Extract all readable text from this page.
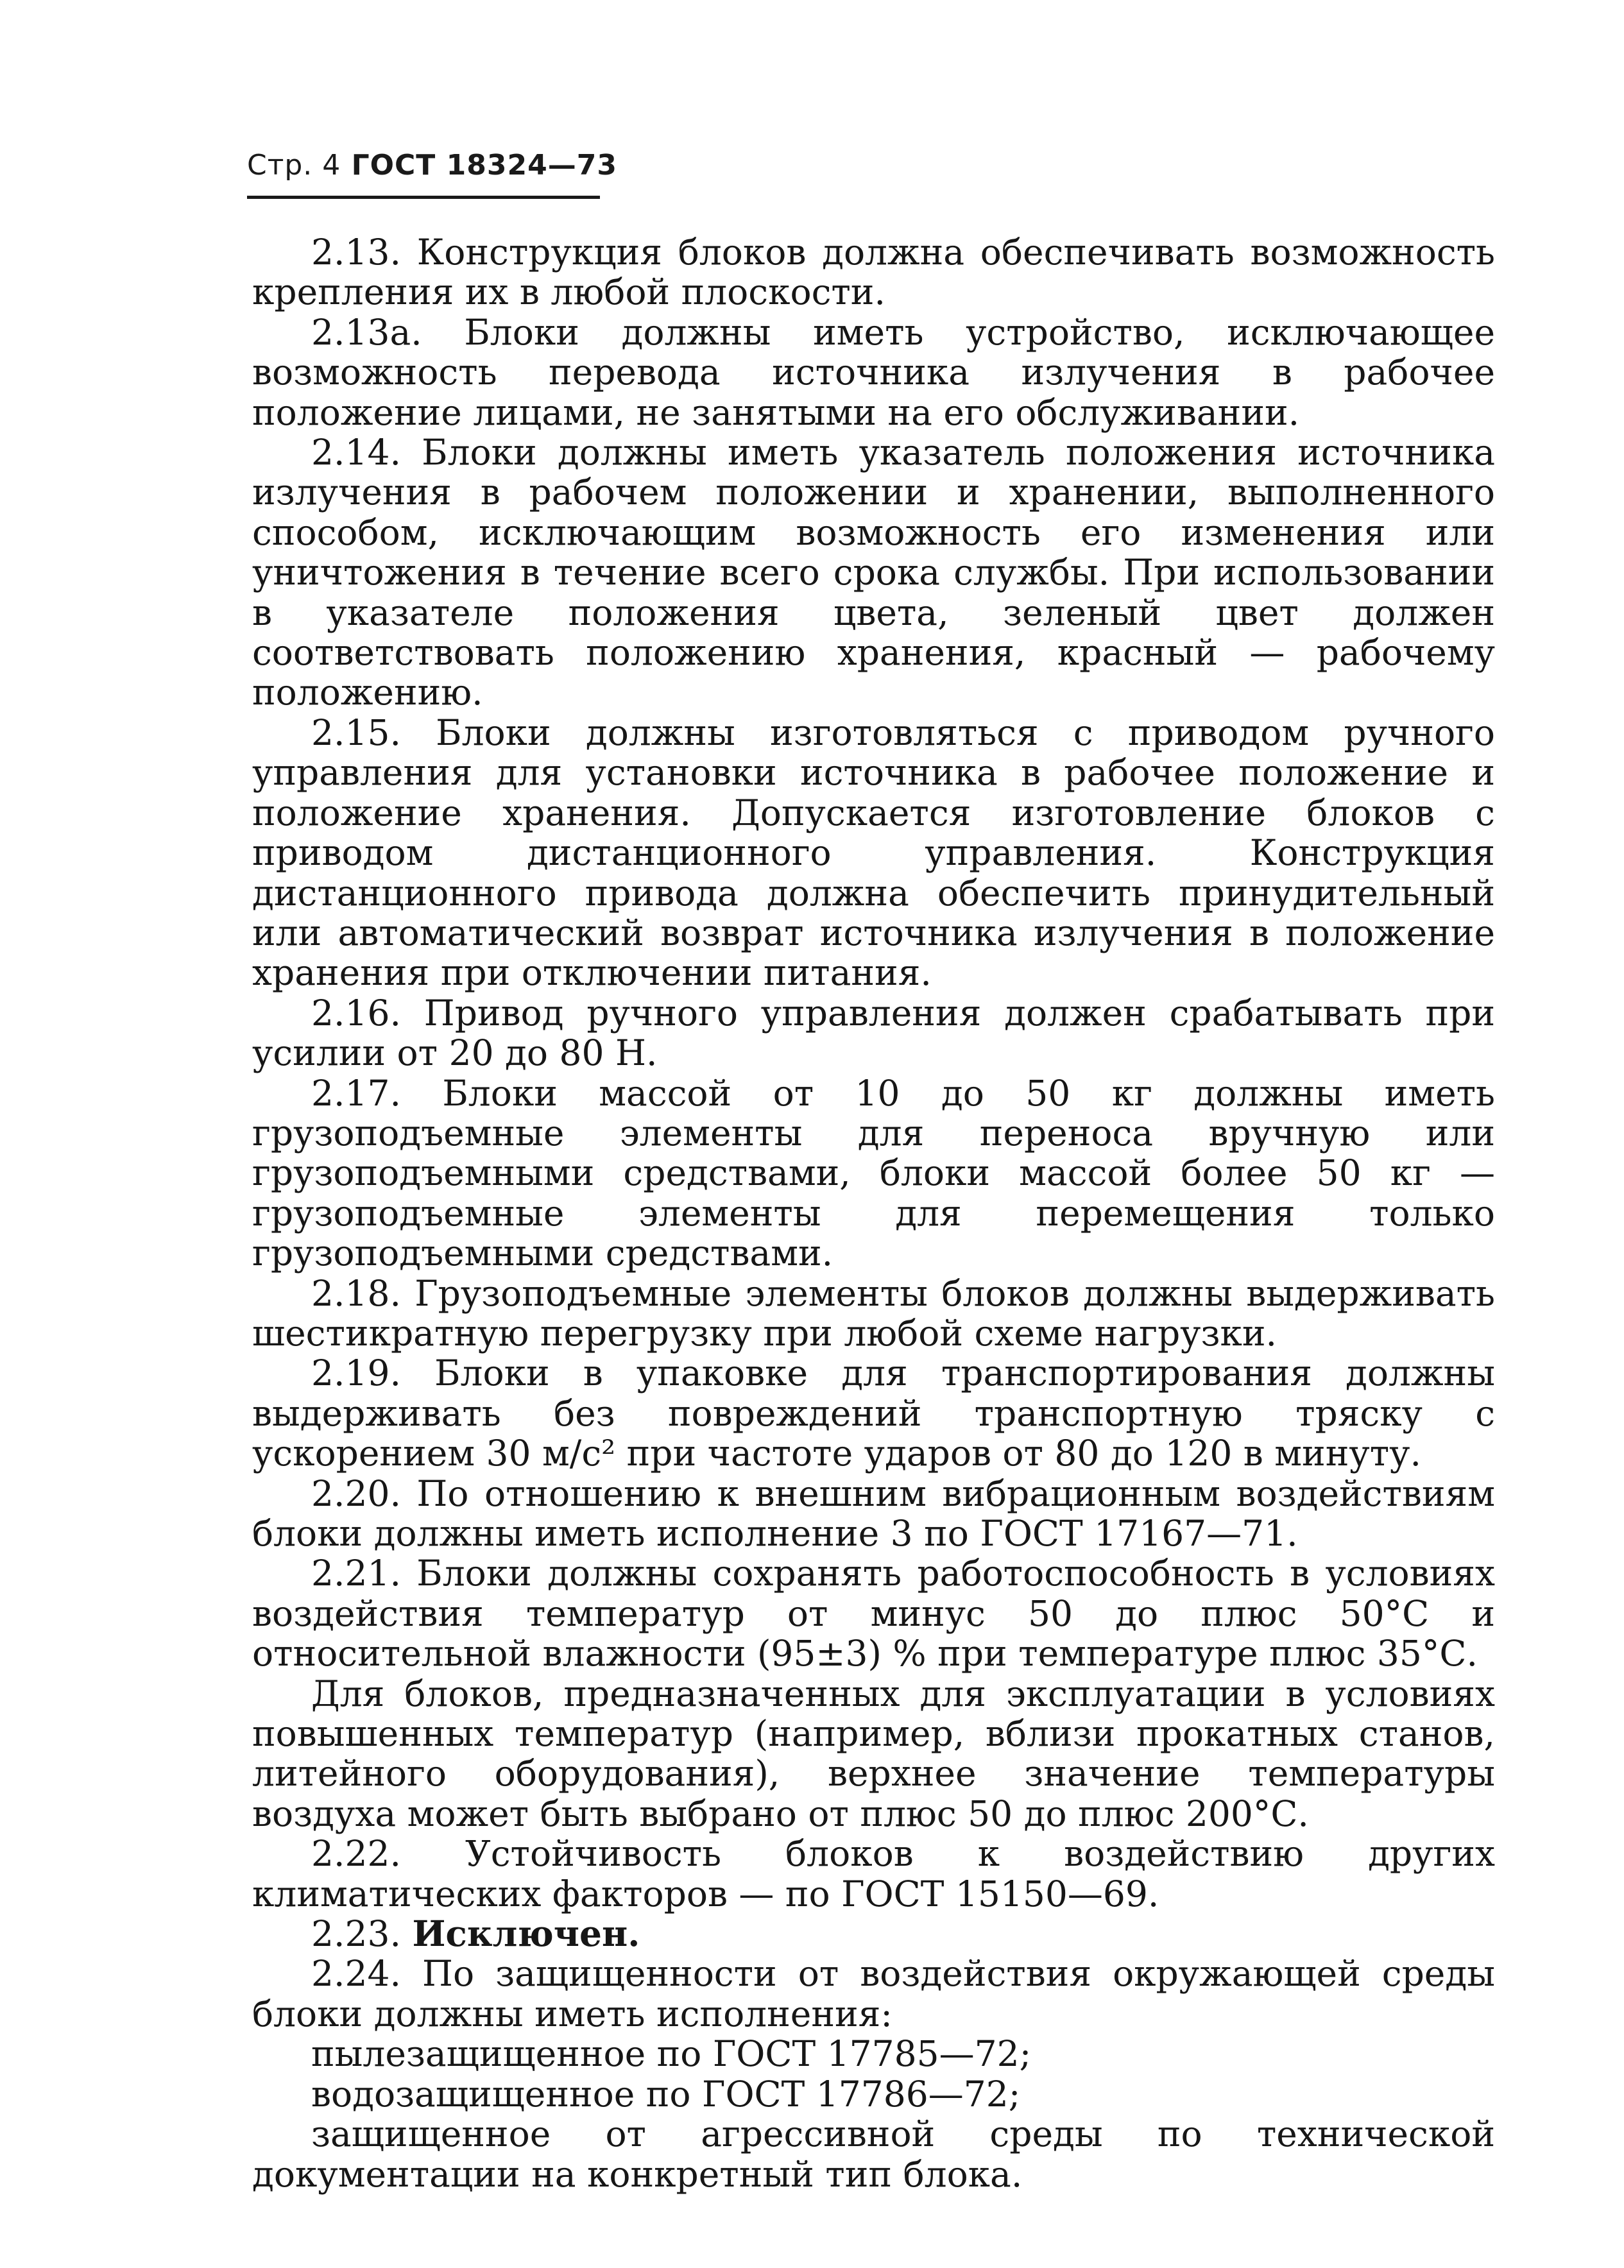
Стр. 4 ГОСТ 18324—73

2.13. Конструкция блоков должна обеспечивать возможность крепления их в любой плоскости.

2.13а. Блоки должны иметь устройство, исключающее возможность перевода источника излучения в рабочее положение лицами, не занятыми на его обслуживании.

2.14. Блоки должны иметь указатель положения источника излучения в рабочем положении и хранении, выполненного способом, исключающим возможность его изменения или уничтожения в течение всего срока службы. При использовании в указателе положения цвета, зеленый цвет должен соответствовать положению хранения, красный — рабочему положению.

2.15. Блоки должны изготовляться с приводом ручного управления для установки источника в рабочее положение и положение хранения. Допускается изготовление блоков с приводом дистанционного управления. Конструкция дистанционного привода должна обеспечить принудительный или автоматический возврат источника излучения в положение хранения при отключении питания.

2.16. Привод ручного управления должен срабатывать при усилии от 20 до 80 Н.

2.17. Блоки массой от 10 до 50 кг должны иметь грузоподъемные элементы для переноса вручную или грузоподъемными средствами, блоки массой более 50 кг — грузоподъемные элементы для перемещения только грузоподъемными средствами.

2.18. Грузоподъемные элементы блоков должны выдерживать шестикратную перегрузку при любой схеме нагрузки.

2.19. Блоки в упаковке для транспортирования должны выдерживать без повреждений транспортную тряску с ускорением 30 м/с² при частоте ударов от 80 до 120 в минуту.

2.20. По отношению к внешним вибрационным воздействиям блоки должны иметь исполнение 3 по ГОСТ 17167—71.

2.21. Блоки должны сохранять работоспособность в условиях воздействия температур от минус 50 до плюс 50°С и относительной влажности (95±3) % при температуре плюс 35°С.

Для блоков, предназначенных для эксплуатации в условиях повышенных температур (например, вблизи прокатных станов, литейного оборудования), верхнее значение температуры воздуха может быть выбрано от плюс 50 до плюс 200°С.

2.22. Устойчивость блоков к воздействию других климатических факторов — по ГОСТ 15150—69.

2.23. Исключен.

2.24. По защищенности от воздействия окружающей среды блоки должны иметь исполнения:

пылезащищенное по ГОСТ 17785—72;

водозащищенное по ГОСТ 17786—72;

защищенное от агрессивной среды по технической документации на конкретный тип блока.
